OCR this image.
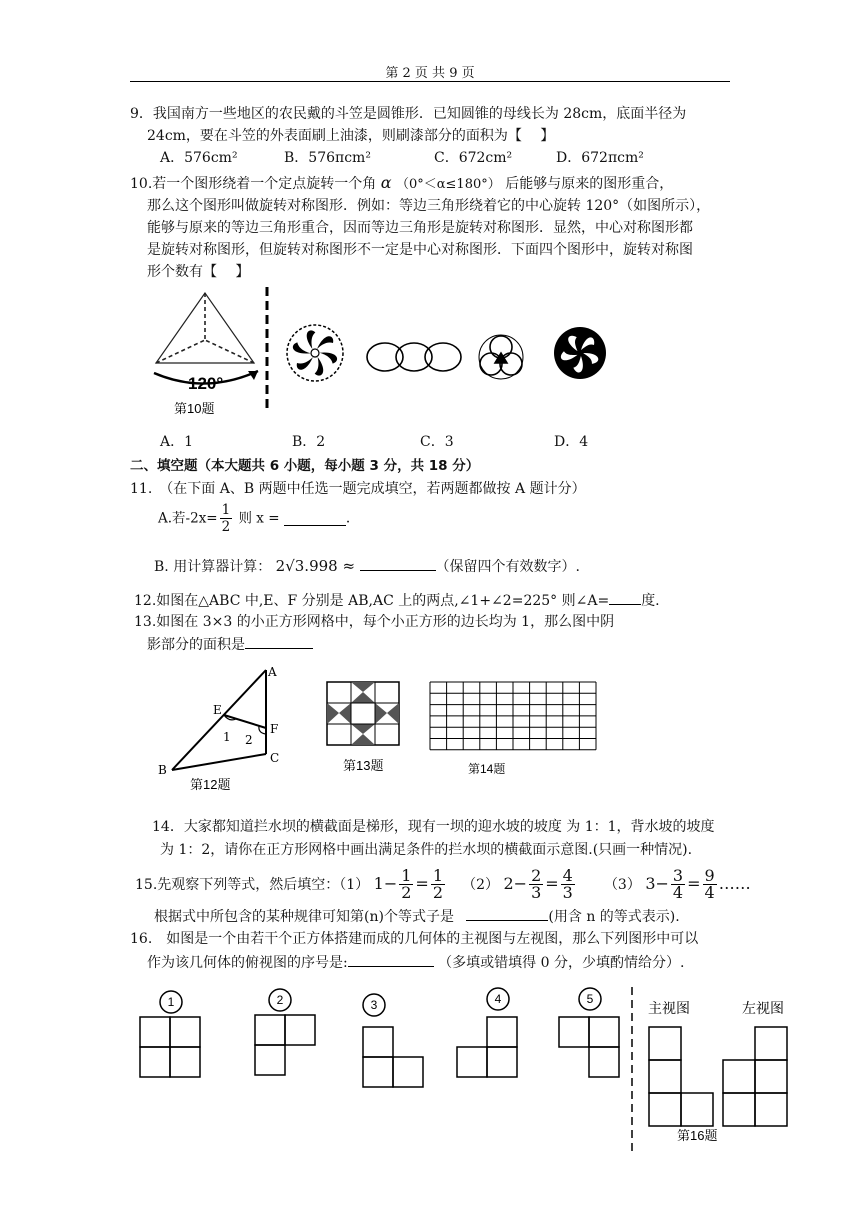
第 2 页 共 9 页
9．我国南方一些地区的农民戴的斗笠是圆锥形．已知圆锥的母线长为 28cm，底面半径为
24cm，要在斗笠的外表面刷上油漆，则刷漆部分的面积为【　 】
A．576cm²	B．576πcm²	C．672cm²	D．672πcm²
10.若一个图形绕着一个定点旋转一个角 α （0°＜α≤180°） 后能够与原来的图形重合，
那么这个图形叫做旋转对称图形．例如：等边三角形绕着它的中心旋转 120°（如图所示），
能够与原来的等边三角形重合，因而等边三角形是旋转对称图形．显然，中心对称图形都
是旋转对称图形，但旋转对称图形不一定是中心对称图形．下面四个图形中，旋转对称图
形个数有【　 】
120°
第10题
A．1	B．2	C．3	D．4
二、填空题（本大题共 6 小题，每小题 3 分，共 18 分）
11.　（在下面 A、B 两题中任选一题完成填空，若两题都做按 A 题计分）
A.若$-2x= \frac{1}{2}$ 则 x =	.
B. 用计算器计算： 2√3.998 ≈	（保留四个有效数字）.
12.如图在△ABC 中,E、F 分别是 AB,AC 上的两点,∠1+∠2=225° 则∠A= 度.
13.如图在 3×3 的小正方形网格中，每个小正方形的边长均为 1，那么图中阴
影部分的面积是
A
E
F
B
C
1 2
第12题
第13题	第14题
14．大家都知道拦水坝的横截面是梯形，现有一坝的迎水坡的坡度 为 1：1，背水坡的坡度
为 1：2，请你在正方形网格中画出满足条件的拦水坝的横截面示意图.(只画一种情况).
15.先观察下列等式，然后填空：（1） $1- \frac{1}{2} = \frac{1}{2} (2)$ $2- \frac{2}{3} = \frac{4}{3} (3)$ $3- \frac{3}{4} = \frac{9}{4}$ ……
根据式中所包含的某种规律可知第(n)个等式子是	(用含 n 的等式表示).
16.　如图是一个由若干个正方体搭建而成的几何体的主视图与左视图，那么下列图形中可以
作为该几何体的俯视图的序号是:	（多填或错填得 0 分，少填酌情给分）.
1	2	3	4	5
主视图	左视图
第16题
